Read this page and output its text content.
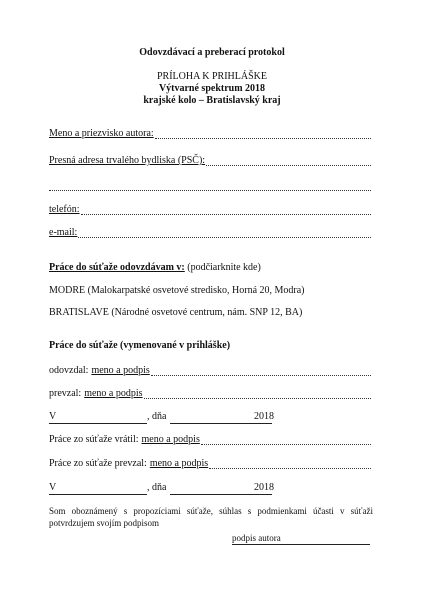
Odovzdávací a preberací protokol
PRÍLOHA K PRIHLÁŠKE
Výtvarné spektrum 2018
krajské kolo – Bratislavský kraj
Meno a priezvisko autora:
Presná adresa trvalého bydliska (PSČ):
telefón:
e-mail:
Práce do súťaže odovzdávam v: (podčiarknite kde)
MODRE (Malokarpatské osvetové stredisko, Horná 20, Modra)
BRATISLAVE (Národné osvetové centrum, nám. SNP 12, BA)
Práce do súťaže (vymenované v prihláške)
odovzdal: meno a podpis
prevzal: meno a podpis
V	, dňa	2018
Práce zo súťaže vrátil: meno a podpis
Práce zo súťaže prevzal: meno a podpis
V	, dňa	2018
Som oboznámený s propozíciami súťaže, súhlas s podmienkami účasti v súťaži potvrdzujem svojím podpisom
podpis autora
